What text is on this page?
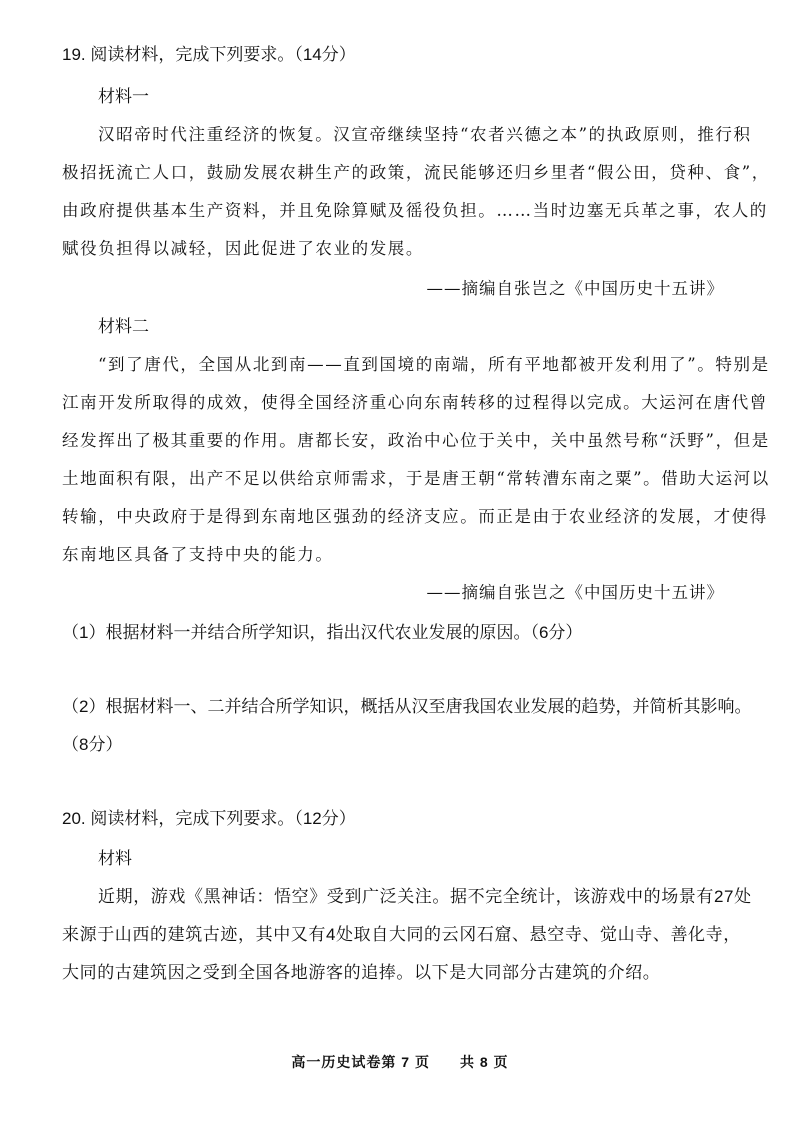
19. 阅读材料，完成下列要求。（14分）
材料一
汉昭帝时代注重经济的恢复。汉宣帝继续坚持“农者兴德之本”的执政原则，推行积
极招抚流亡人口，鼓励发展农耕生产的政策，流民能够还归乡里者“假公田，贷种、食”，
由政府提供基本生产资料，并且免除算赋及徭役负担。……当时边塞无兵革之事，农人的
赋役负担得以减轻，因此促进了农业的发展。
——摘编自张岂之《中国历史十五讲》
材料二
“到了唐代，全国从北到南——直到国境的南端，所有平地都被开发利用了”。特别是
江南开发所取得的成效，使得全国经济重心向东南转移的过程得以完成。大运河在唐代曾
经发挥出了极其重要的作用。唐都长安，政治中心位于关中，关中虽然号称“沃野”，但是
土地面积有限，出产不足以供给京师需求，于是唐王朝“常转漕东南之粟”。借助大运河以
转输，中央政府于是得到东南地区强劲的经济支应。而正是由于农业经济的发展，才使得
东南地区具备了支持中央的能力。
——摘编自张岂之《中国历史十五讲》
（1）根据材料一并结合所学知识，指出汉代农业发展的原因。（6分）
（2）根据材料一、二并结合所学知识，概括从汉至唐我国农业发展的趋势，并简析其影响。
（8分）
20. 阅读材料，完成下列要求。（12分）
材料
近期，游戏《黑神话：悟空》受到广泛关注。据不完全统计，该游戏中的场景有27处
来源于山西的建筑古迹，其中又有4处取自大同的云冈石窟、悬空寺、觉山寺、善化寺，
大同的古建筑因之受到全国各地游客的追捧。以下是大同部分古建筑的介绍。
高一历史试卷第 7 页　　共 8 页
